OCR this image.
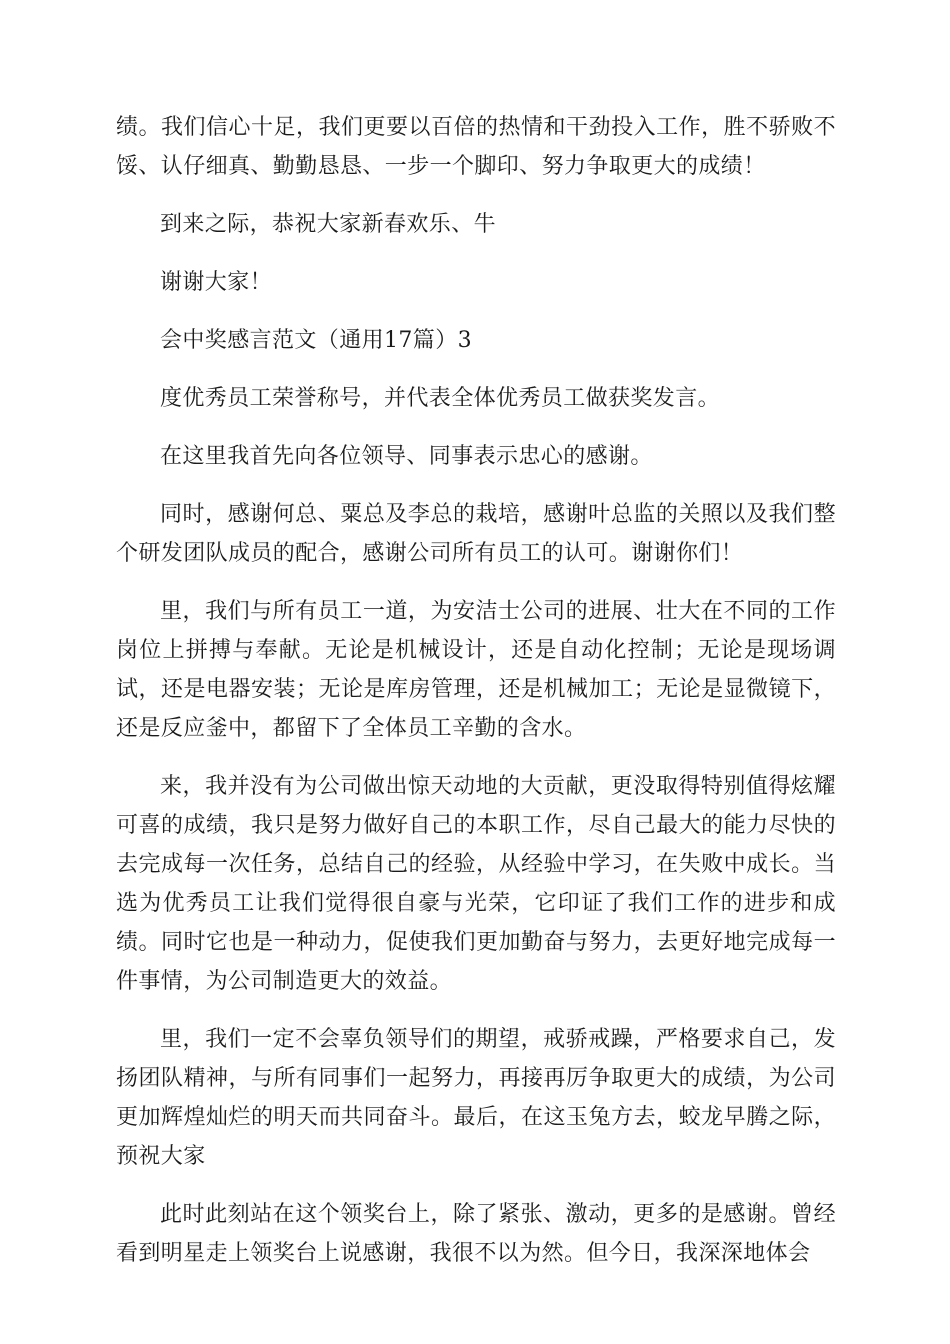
绩。我们信心十足，我们更要以百倍的热情和干劲投入工作，胜不骄败不馁、认仔细真、勤勤恳恳、一步一个脚印、努力争取更大的成绩！

到来之际，恭祝大家新春欢乐、牛

谢谢大家！

会中奖感言范文（通用17篇）3

度优秀员工荣誉称号，并代表全体优秀员工做获奖发言。

在这里我首先向各位领导、同事表示忠心的感谢。

同时，感谢何总、粟总及李总的栽培，感谢叶总监的关照以及我们整个研发团队成员的配合，感谢公司所有员工的认可。谢谢你们！

里，我们与所有员工一道，为安洁士公司的进展、壮大在不同的工作岗位上拼搏与奉献。无论是机械设计，还是自动化控制；无论是现场调试，还是电器安装；无论是库房管理，还是机械加工；无论是显微镜下，还是反应釜中，都留下了全体员工辛勤的含水。

来，我并没有为公司做出惊天动地的大贡献，更没取得特别值得炫耀可喜的成绩，我只是努力做好自己的本职工作，尽自己最大的能力尽快的去完成每一次任务，总结自己的经验，从经验中学习，在失败中成长。当选为优秀员工让我们觉得很自豪与光荣，它印证了我们工作的进步和成绩。同时它也是一种动力，促使我们更加勤奋与努力，去更好地完成每一件事情，为公司制造更大的效益。

里，我们一定不会辜负领导们的期望，戒骄戒躁，严格要求自己，发扬团队精神，与所有同事们一起努力，再接再厉争取更大的成绩，为公司更加辉煌灿烂的明天而共同奋斗。最后，在这玉兔方去，蛟龙早腾之际，预祝大家

此时此刻站在这个领奖台上，除了紧张、激动，更多的是感谢。曾经看到明星走上领奖台上说感谢，我很不以为然。但今日，我深深地体会
